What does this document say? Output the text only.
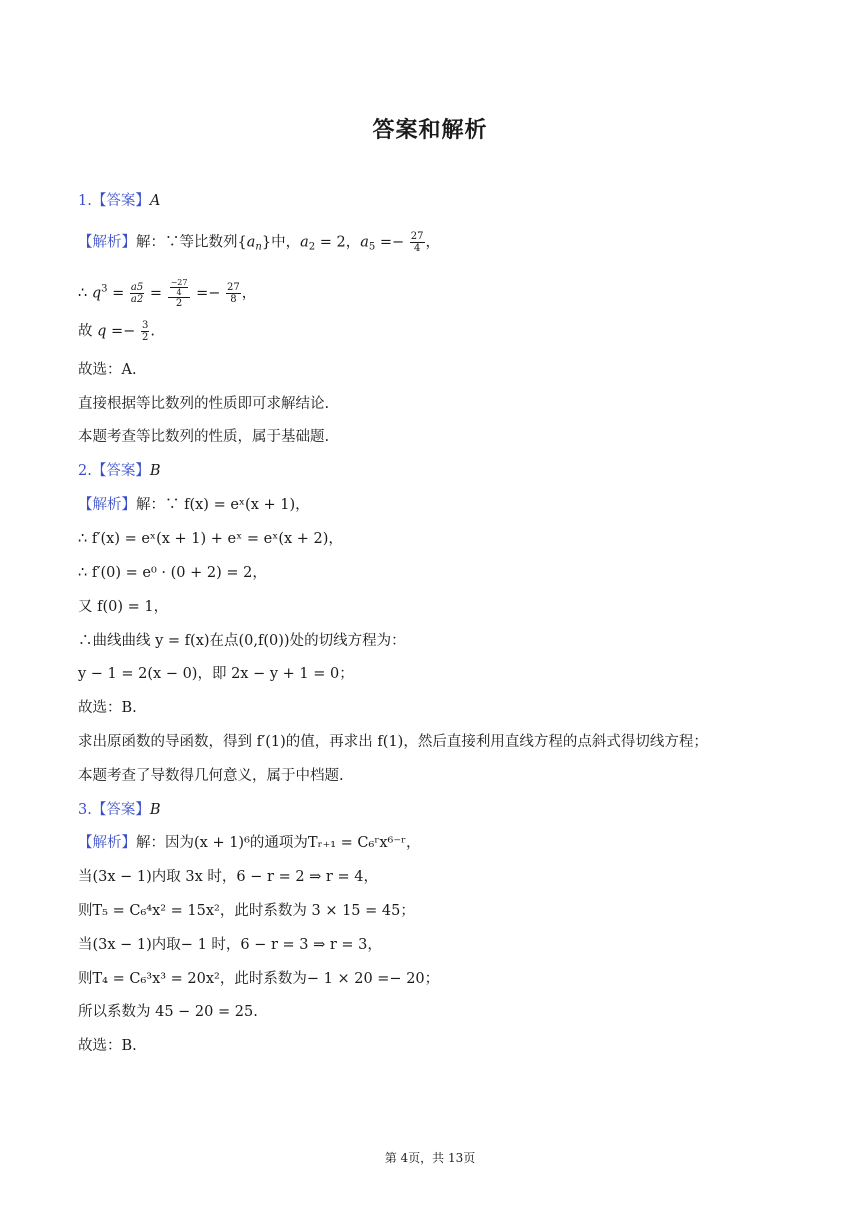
答案和解析
1.【答案】A
【解析】解：∵等比数列$\{a_n\}$中，$a_2 = 2$，$a_5 =- \frac{27}{4}$ ，
∴ $q^3 = \frac{a5}{a2} = \frac{\frac{-27}{4}}{2} =- \frac{27}{8}$ ，
故 $q =- \frac{3}{2}$ .
故选：A.
直接根据等比数列的性质即可求解结论.
本题考查等比数列的性质，属于基础题.
2.【答案】B
【解析】解：∵ f(x) = eˣ(x + 1)，
∴ f′(x) = eˣ(x + 1) + eˣ = eˣ(x + 2)，
∴ f′(0) = e⁰ · (0 + 2) = 2，
又 f(0) = 1，
∴曲线曲线 y = f(x)在点(0,f(0))处的切线方程为：
y − 1 = 2(x − 0)，即 2x − y + 1 = 0；
故选：B.
求出原函数的导函数，得到 f′(1)的值，再求出 f(1)，然后直接利用直线方程的点斜式得切线方程；
本题考查了导数得几何意义，属于中档题.
3.【答案】B
【解析】解：因为(x + 1)⁶的通项为Tᵣ₊₁ = C₆ʳx⁶⁻ʳ，
当(3x − 1)内取 3x 时，6 − r = 2 ⇒ r = 4，
则T₅ = C₆⁴x² = 15x²，此时系数为 3 × 15 = 45；
当(3x − 1)内取− 1 时，6 − r = 3 ⇒ r = 3，
则T₄ = C₆³x³ = 20x²，此时系数为− 1 × 20 =− 20；
所以系数为 45 − 20 = 25.
故选：B.
第 4页，共 13页
